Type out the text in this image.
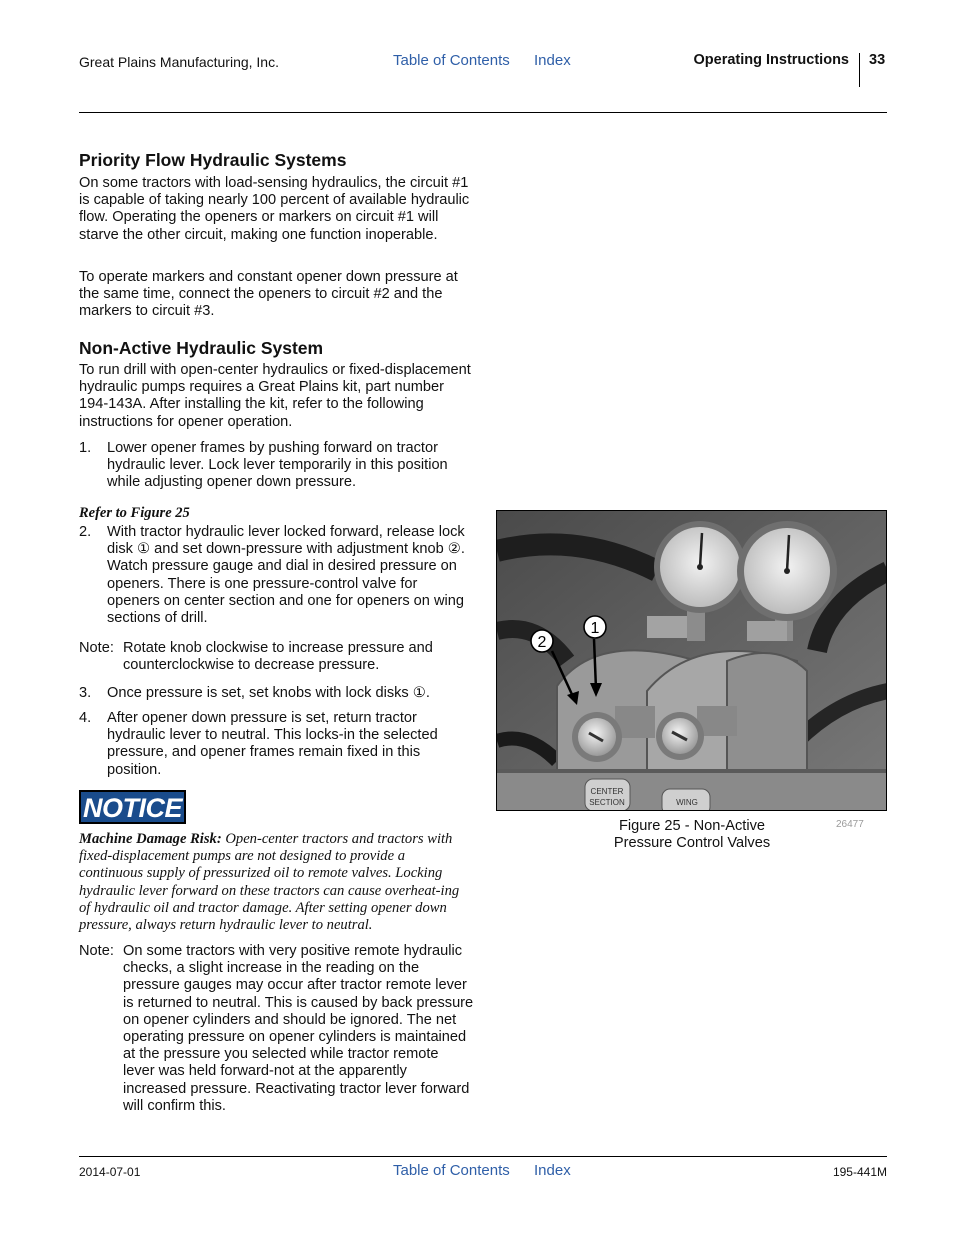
Great Plains Manufacturing, Inc.	Table of Contents Index	Operating Instructions 33
Priority Flow Hydraulic Systems

On some tractors with load-sensing hydraulics, the circuit #1 is capable of taking nearly 100 percent of available hydraulic flow. Operating the openers or markers on circuit #1 will starve the other circuit, making one function inoperable.

To operate markers and constant opener down pressure at the same time, connect the openers to circuit #2 and the markers to circuit #3.

Non-Active Hydraulic System

To run drill with open-center hydraulics or fixed-displacement hydraulic pumps requires a Great Plains kit, part number 194-143A. After installing the kit, refer to the following instructions for opener operation.

1. Lower opener frames by pushing forward on tractor hydraulic lever. Lock lever temporarily in this position while adjusting opener down pressure.
Refer to Figure 25
2. With tractor hydraulic lever locked forward, release lock disk ① and set down-pressure with adjustment knob ②. Watch pressure gauge and dial in desired pressure on openers. There is one pressure-control valve for openers on center section and one for openers on wing sections of drill.
Note: Rotate knob clockwise to increase pressure and counterclockwise to decrease pressure.
3. Once pressure is set, set knobs with lock disks ①.
4. After opener down pressure is set, return tractor hydraulic lever to neutral. This locks-in the selected pressure, and opener frames remain fixed in this position.
NOTICE
Machine Damage Risk: Open-center tractors and tractors with fixed-displacement pumps are not designed to provide a continuous supply of pressurized oil to remote valves. Locking hydraulic lever forward on these tractors can cause overheat-ing of hydraulic oil and tractor damage. After setting opener down pressure, always return hydraulic lever to neutral.
Note: On some tractors with very positive remote hydraulic checks, a slight increase in the reading on the pressure gauges may occur after tractor remote lever is returned to neutral. This is caused by back pressure on opener cylinders and should be ignored. The net operating pressure on opener cylinders is maintained at the pressure you selected while tractor remote lever was held forward-not at the apparently increased pressure. Reactivating tractor lever forward will confirm this.
CENTER
SECTION	WING
2
1
Figure 25 - Non-Active
Pressure Control Valves
26477
2014-07-01	Table of Contents Index	195-441M
